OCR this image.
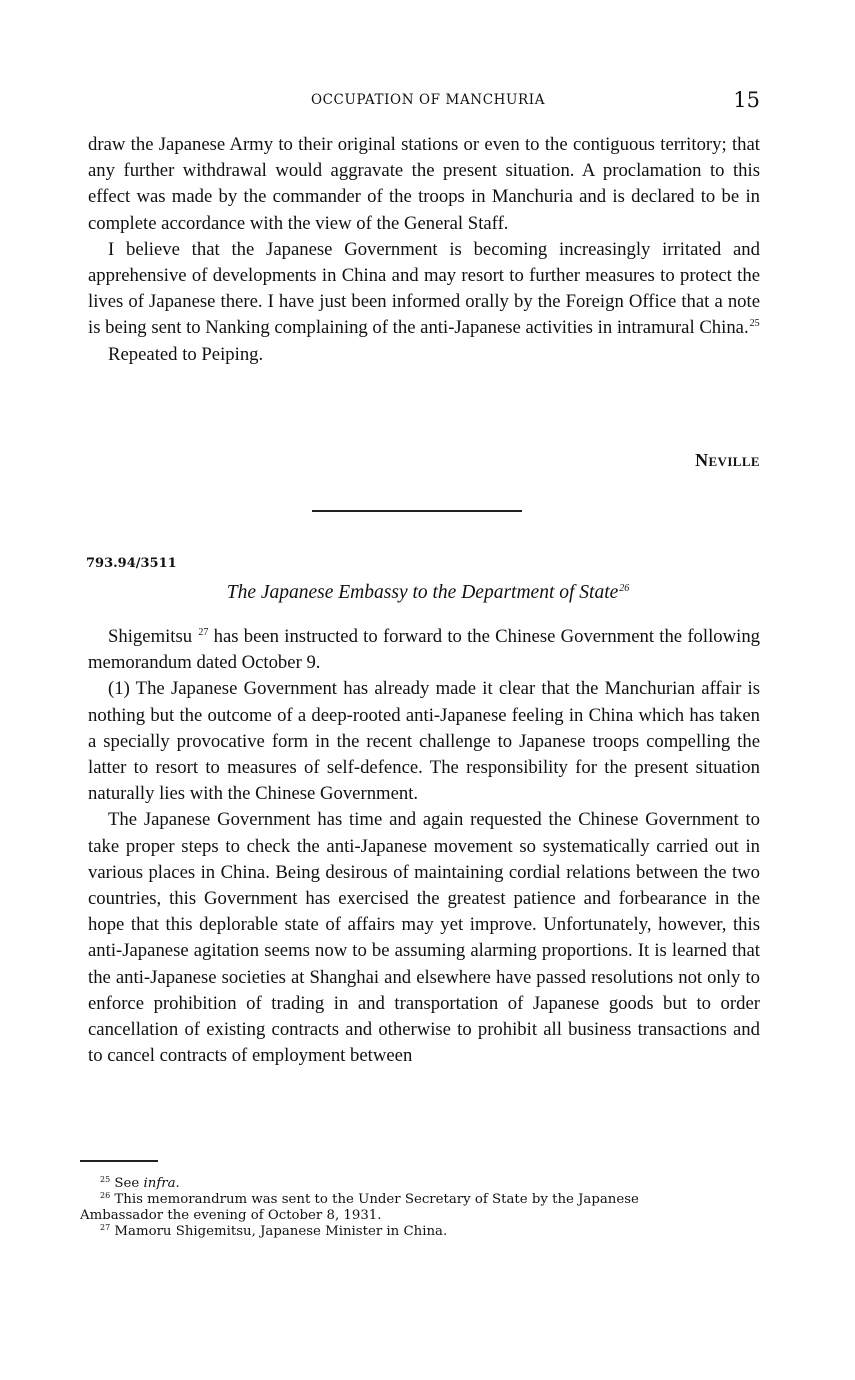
OCCUPATION OF MANCHURIA	15

draw the Japanese Army to their original stations or even to the contiguous territory; that any further withdrawal would aggravate the present situation. A proclamation to this effect was made by the commander of the troops in Manchuria and is declared to be in complete accordance with the view of the General Staff.

I believe that the Japanese Government is becoming increasingly irritated and apprehensive of developments in China and may resort to further measures to protect the lives of Japanese there. I have just been informed orally by the Foreign Office that a note is being sent to Nanking complaining of the anti-Japanese activities in intramural China.$^{25}$

Repeated to Peiping.

Neville
793.94/3511
The Japanese Embassy to the Department of State$^{26}$

Shigemitsu $^{27}$ has been instructed to forward to the Chinese Government the following memorandum dated October 9.

(1) The Japanese Government has already made it clear that the Manchurian affair is nothing but the outcome of a deep-rooted anti-Japanese feeling in China which has taken a specially provocative form in the recent challenge to Japanese troops compelling the latter to resort to measures of self-defence. The responsibility for the present situation naturally lies with the Chinese Government.

The Japanese Government has time and again requested the Chinese Government to take proper steps to check the anti-Japanese movement so systematically carried out in various places in China. Being desirous of maintaining cordial relations between the two countries, this Government has exercised the greatest patience and forbearance in the hope that this deplorable state of affairs may yet improve. Unfortunately, however, this anti-Japanese agitation seems now to be assuming alarming proportions. It is learned that the anti-Japanese societies at Shanghai and elsewhere have passed resolutions not only to enforce prohibition of trading in and transportation of Japanese goods but to order cancellation of existing contracts and otherwise to prohibit all business transactions and to cancel contracts of employment between

$^{25}$ See infra.
$^{26}$ This memorandrum was sent to the Under Secretary of State by the Japanese
Ambassador the evening of October 8, 1931.
$^{27}$ Mamoru Shigemitsu, Japanese Minister in China.
